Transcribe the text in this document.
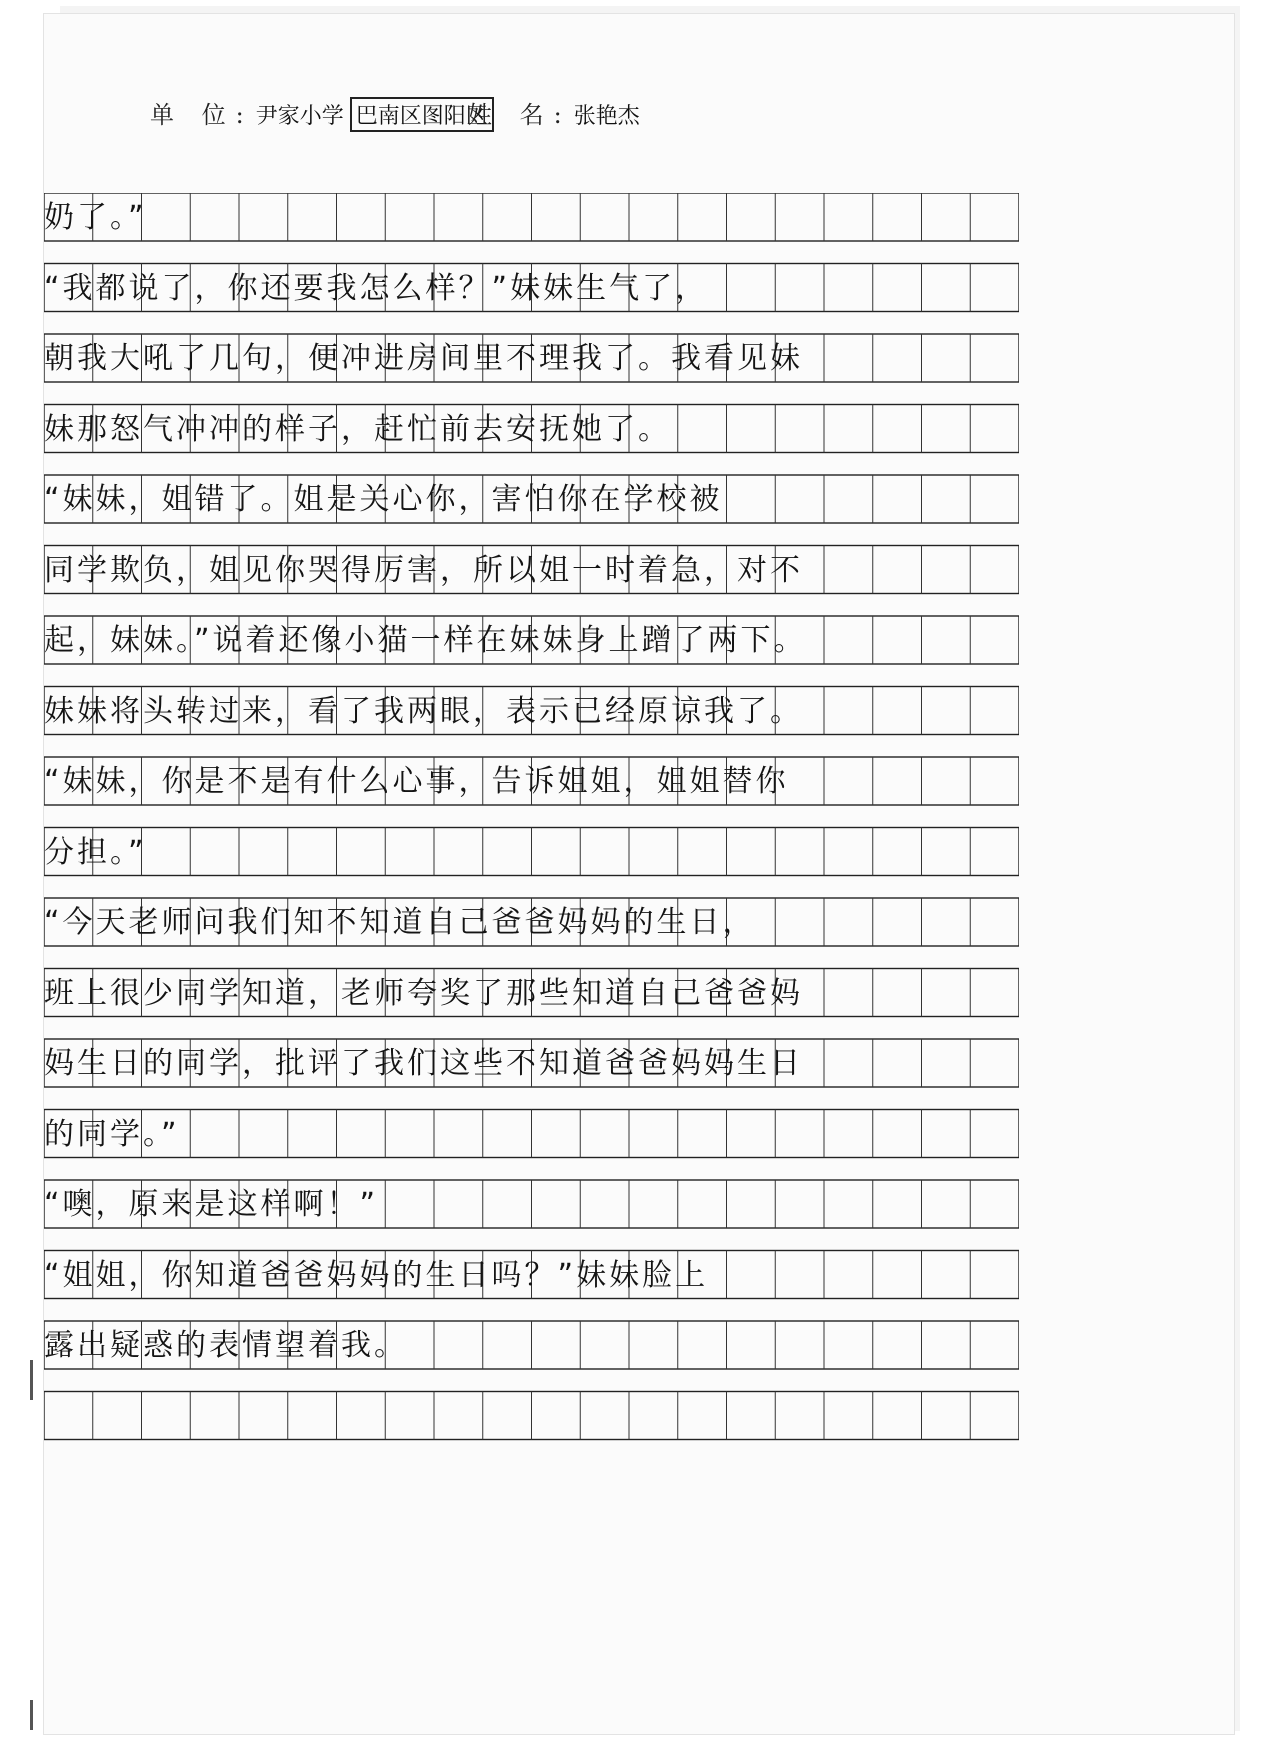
单 位:尹家小学 巴南区图阳区
姓 名:张艳杰
奶了。”
“我都说了，你还要我怎么样？”妹妹生气了，
朝我大吼了几句，便冲进房间里不理我了。我看见妹
妹那怒气冲冲的样子，赶忙前去安抚她了。
“妹妹，姐错了。姐是关心你，害怕你在学校被
同学欺负，姐见你哭得厉害，所以姐一时着急，对不
起，妹妹。”说着还像小猫一样在妹妹身上蹭了两下。
妹妹将头转过来，看了我两眼，表示已经原谅我了。
“妹妹，你是不是有什么心事，告诉姐姐，姐姐替你
分担。”
“今天老师问我们知不知道自己爸爸妈妈的生日，
班上很少同学知道，老师夸奖了那些知道自己爸爸妈
妈生日的同学，批评了我们这些不知道爸爸妈妈生日
的同学。”
“噢，原来是这样啊！”
“姐姐，你知道爸爸妈妈的生日吗？”妹妹脸上
露出疑惑的表情望着我。
